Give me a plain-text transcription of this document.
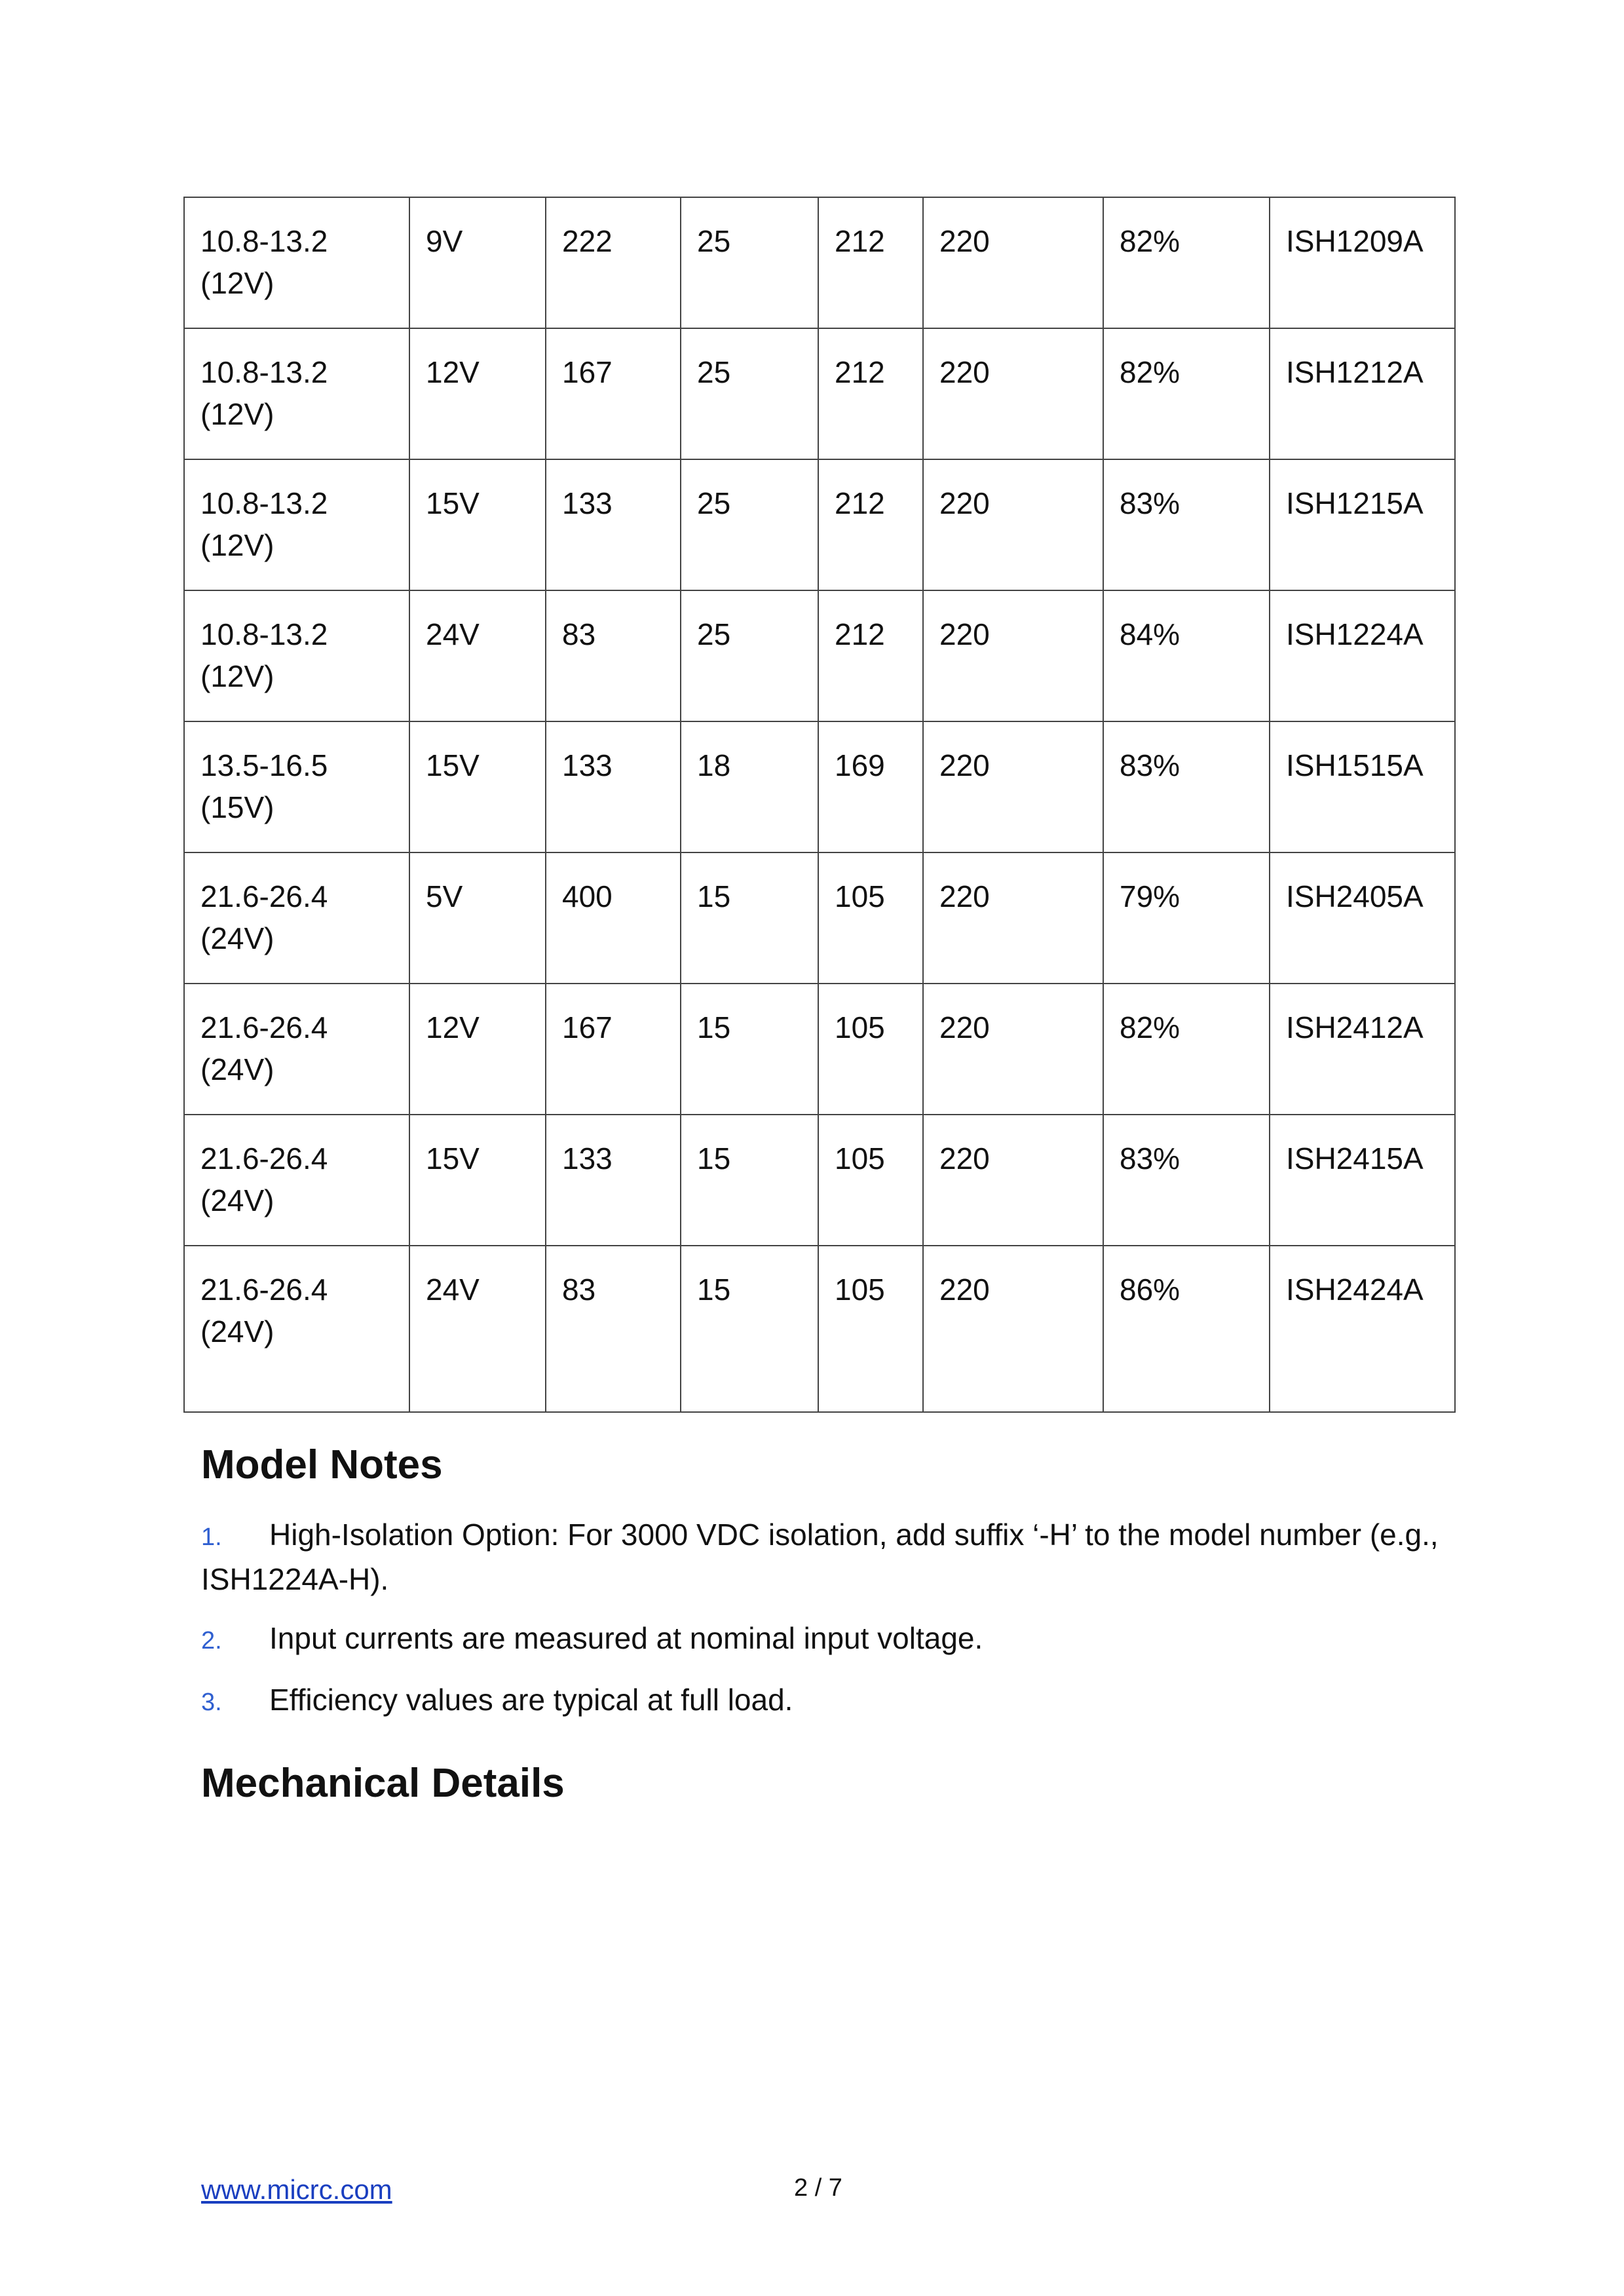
10.8-13.2
(12V)	9V	222	25	212	220	82%	ISH1209A

10.8-13.2
(12V)	12V	167	25	212	220	82%	ISH1212A

10.8-13.2
(12V)	15V	133	25	212	220	83%	ISH1215A

10.8-13.2
(12V)	24V	83	25	212	220	84%	ISH1224A

13.5-16.5
(15V)	15V	133	18	169	220	83%	ISH1515A

21.6-26.4
(24V)	5V	400	15	105	220	79%	ISH2405A

21.6-26.4
(24V)	12V	167	15	105	220	82%	ISH2412A

21.6-26.4
(24V)	15V	133	15	105	220	83%	ISH2415A

21.6-26.4
(24V)	24V	83	15	105	220	86%	ISH2424A
Model Notes
1. High-Isolation Option: For 3000 VDC isolation, add suffix ‘-H’ to the model number (e.g., ISH1224A-H).
2. Input currents are measured at nominal input voltage.
3. Efficiency values are typical at full load.
Mechanical Details
www.micrc.com	2 / 7
